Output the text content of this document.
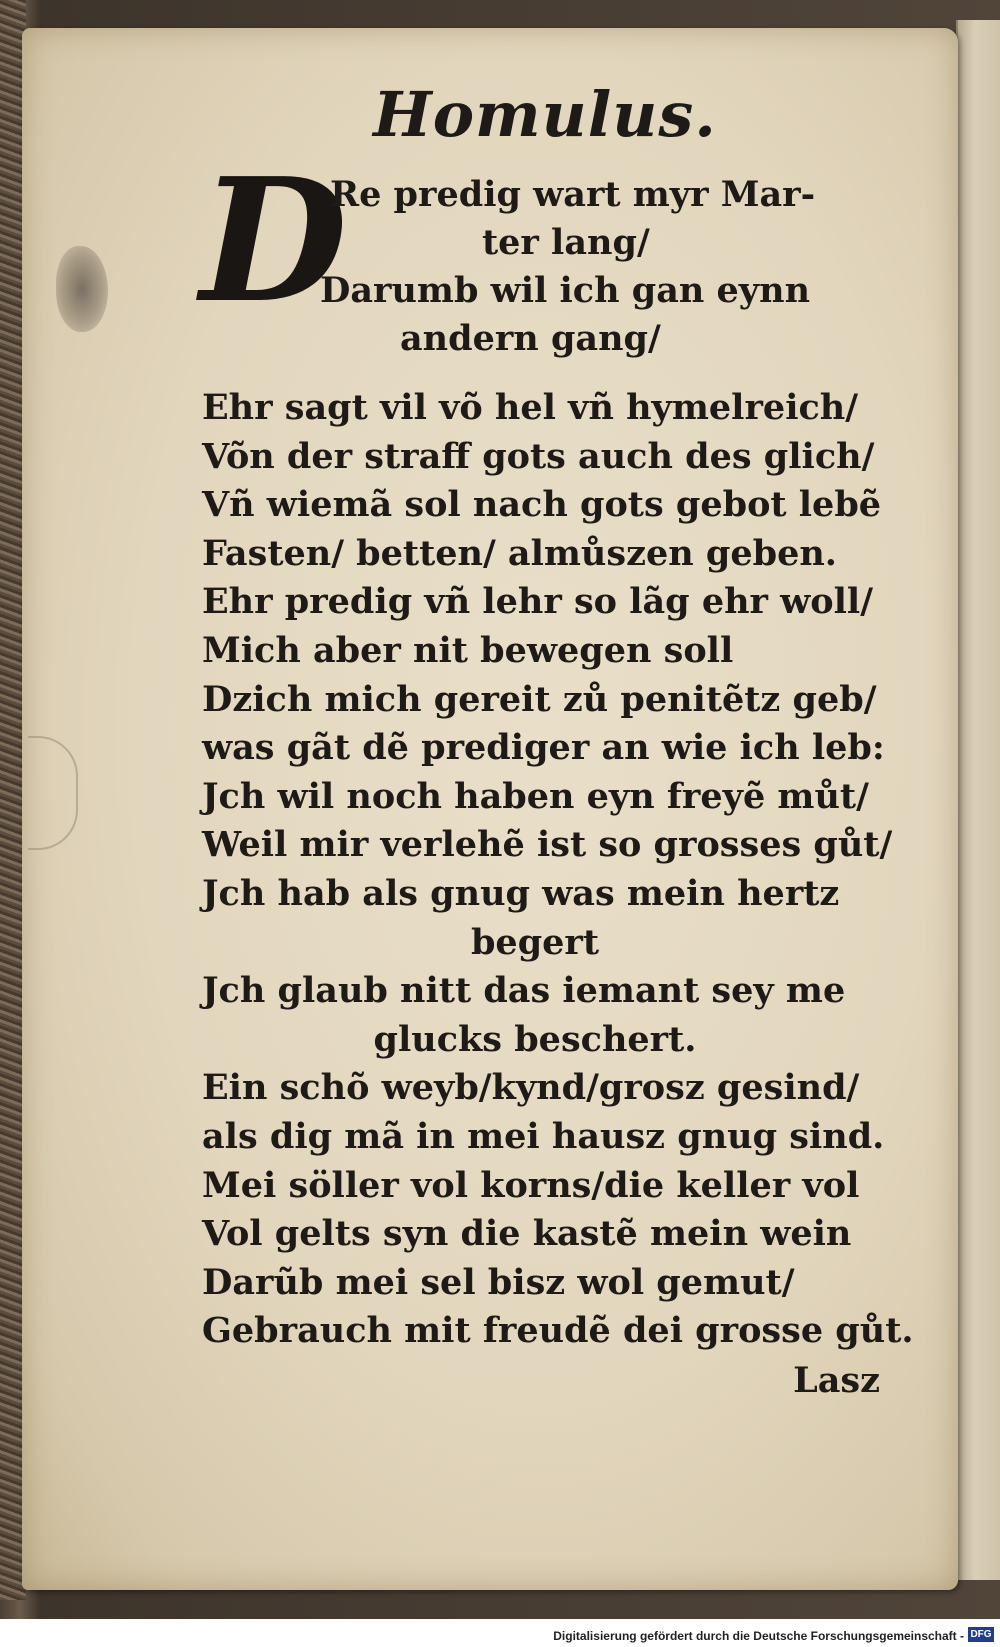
Homulus.
D
Re predig wart myr Mar-
ter lang/
Darumb wil ich gan eynn
andern gang/
Ehr sagt vil võ hel vñ hymelreich/
Võn der straff gots auch des glich/
Vñ wiemã sol nach gots gebot lebẽ
Fasten/ betten/ almůszen geben.
Ehr predig vñ lehr so lãg ehr woll/
Mich aber nit bewegen soll
Dzich mich gereit zů penitẽtz geb/
was gãt dẽ prediger an wie ich leb:
Jch wil noch haben eyn freyẽ můt/
Weil mir verlehẽ ist so grosses gůt/
Jch hab als gnug was mein hertz
begert
Jch glaub nitt das iemant sey me
glucks beschert.
Ein schõ weyb/kynd/grosz gesind/
als dig mã in mei hausz gnug sind.
Mei söller vol korns/die keller vol
Vol gelts syn die kastẽ mein wein
Darũb mei sel bisz wol gemut/
Gebrauch mit freudẽ dei grosse gůt.
Lasz
Digitalisierung gefördert durch die Deutsche Forschungsgemeinschaft - DFG
